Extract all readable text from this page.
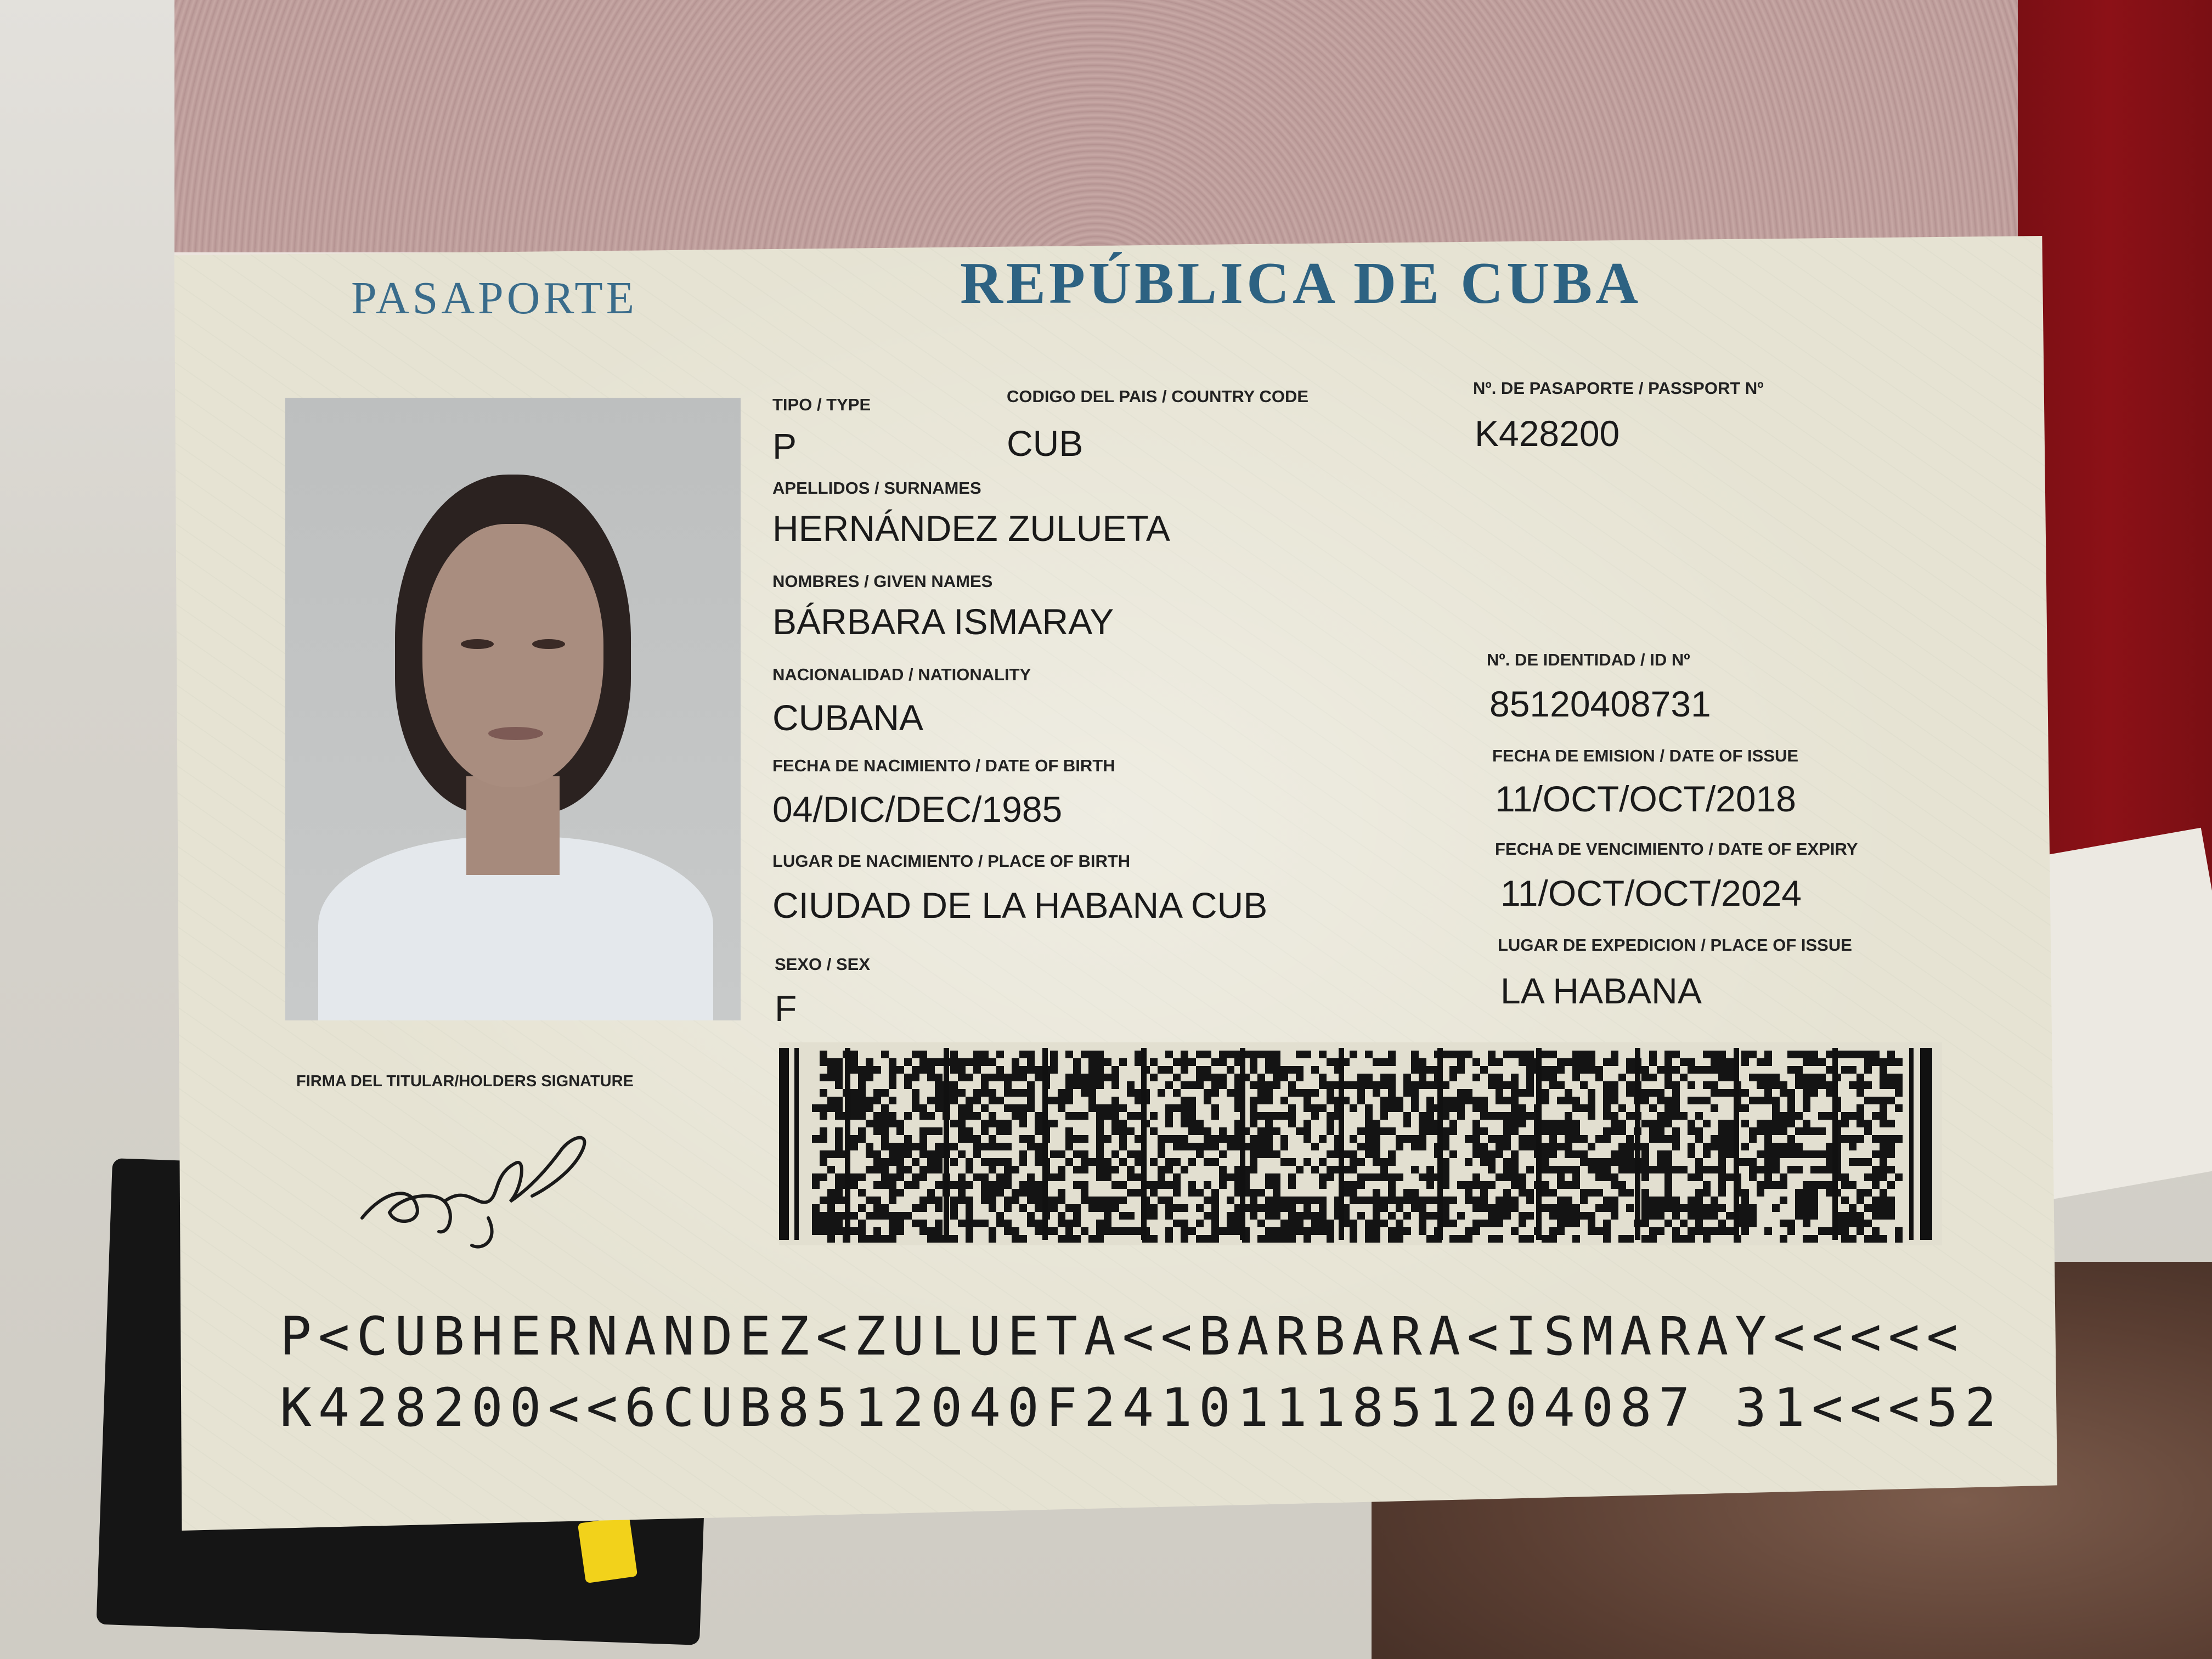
PASAPORTE	REPÚBLICA DE CUBA
TIPO / TYPE
P
CODIGO DEL PAIS / COUNTRY CODE
CUB
Nº. DE PASAPORTE / PASSPORT Nº
K428200
APELLIDOS / SURNAMES
HERNÁNDEZ ZULUETA
NOMBRES / GIVEN NAMES
BÁRBARA ISMARAY
NACIONALIDAD / NATIONALITY
CUBANA
FECHA DE NACIMIENTO / DATE OF BIRTH
04/DIC/DEC/1985
LUGAR DE NACIMIENTO / PLACE OF BIRTH
CIUDAD DE LA HABANA CUB
SEXO / SEX
F
Nº. DE IDENTIDAD / ID Nº
85120408731
FECHA DE EMISION / DATE OF ISSUE
11/OCT/OCT/2018
FECHA DE VENCIMIENTO / DATE OF EXPIRY
11/OCT/OCT/2024
LUGAR DE EXPEDICION / PLACE OF ISSUE
LA HABANA
FIRMA DEL TITULAR/HOLDERS SIGNATURE
P<CUBHERNANDEZ<ZULUETA<<BARBARA<ISMARAY<<<<<
K428200<<6CUB8512040F2410111851204087 31<<<52
